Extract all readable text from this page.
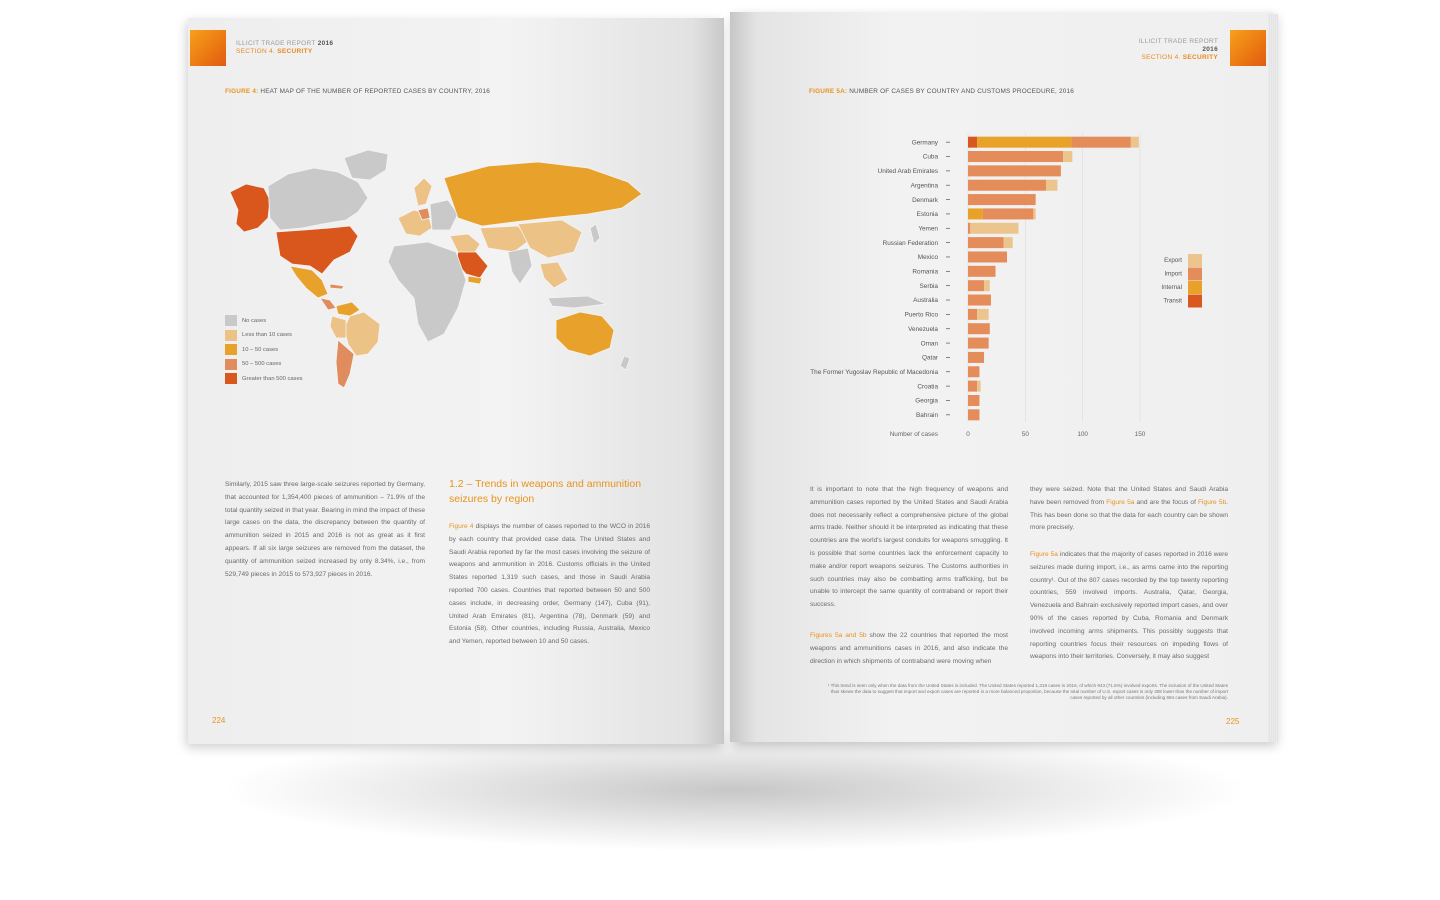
ILLICIT TRADE REPORT 2016
SECTION 4. SECURITY
FIGURE 4: HEAT MAP OF THE NUMBER OF REPORTED CASES BY COUNTRY, 2016
No cases
Less than 10 cases
10 – 50 cases
50 – 500 cases
Greater than 500 cases
Similarly, 2015 saw three large-scale seizures reported by Germany, that accounted for 1,354,400 pieces of ammunition – 71.9% of the total quantity seized in that year. Bearing in mind the impact of these large cases on the data, the discrepancy between the quantity of ammunition seized in 2015 and 2016 is not as great as it first appears. If all six large seizures are removed from the dataset, the quantity of ammunition seized increased by only 8.34%, i.e., from 529,749 pieces in 2015 to 573,927 pieces in 2016.
1.2 – Trends in weapons and ammunition seizures by region
Figure 4 displays the number of cases reported to the WCO in 2016 by each country that provided case data. The United States and Saudi Arabia reported by far the most cases involving the seizure of weapons and ammunition in 2016. Customs officials in the United States reported 1,319 such cases, and those in Saudi Arabia reported 700 cases. Countries that reported between 50 and 500 cases include, in decreasing order, Germany (147), Cuba (91), United Arab Emirates (81), Argentina (78), Denmark (59) and Estonia (58). Other countries, including Russia, Australia, Mexico and Yemen, reported between 10 and 50 cases.
224
ILLICIT TRADE REPORT 2016
SECTION 4. SECURITY
FIGURE 5A: NUMBER OF CASES BY COUNTRY AND CUSTOMS PROCEDURE, 2016
Germany
Cuba
United Arab Emirates
Argentina
Denmark
Estonia
Yemen
Russian Federation
Mexico
Romania
Serbia
Australia
Puerto Rico
Venezuela
Oman
Qatar
The Former Yugoslav Republic of Macedonia
Croatia
Georgia
Bahrain
0	50	100	150
Number of cases
Export
Import
Internal
Transit
It is important to note that the high frequency of weapons and ammunition cases reported by the United States and Saudi Arabia does not necessarily reflect a comprehensive picture of the global arms trade. Neither should it be interpreted as indicating that these countries are the world's largest conduits for weapons smuggling. It is possible that some countries lack the enforcement capacity to make and/or report weapons seizures. The Customs authorities in such countries may also be combatting arms trafficking, but be unable to intercept the same quantity of contraband or report their success.
Figures 5a and 5b show the 22 countries that reported the most weapons and ammunitions cases in 2016, and also indicate the direction in which shipments of contraband were moving when
they were seized. Note that the United States and Saudi Arabia have been removed from Figure 5a and are the focus of Figure 5b. This has been done so that the data for each country can be shown more precisely.
Figure 5a indicates that the majority of cases reported in 2016 were seizures made during import, i.e., as arms came into the reporting country¹. Out of the 807 cases recorded by the top twenty reporting countries, 559 involved imports. Australia, Qatar, Georgia, Venezuela and Bahrain exclusively reported import cases, and over 90% of the cases reported by Cuba, Romania and Denmark involved incoming arms shipments. This possibly suggests that reporting countries focus their resources on impeding flows of weapons into their territories. Conversely, it may also suggest
¹ This trend is seen only when the data from the United States is included. The United States reported 1,319 cases in 2016, of which 943 (71.6%) involved exports. The inclusion of the United States thus skews the data to suggest that import and export cases are reported in a more balanced proportion, because the total number of U.S. export cases is only 308 lower than the number of import cases reported by all other countries (including 694 cases from Saudi Arabia).
225
